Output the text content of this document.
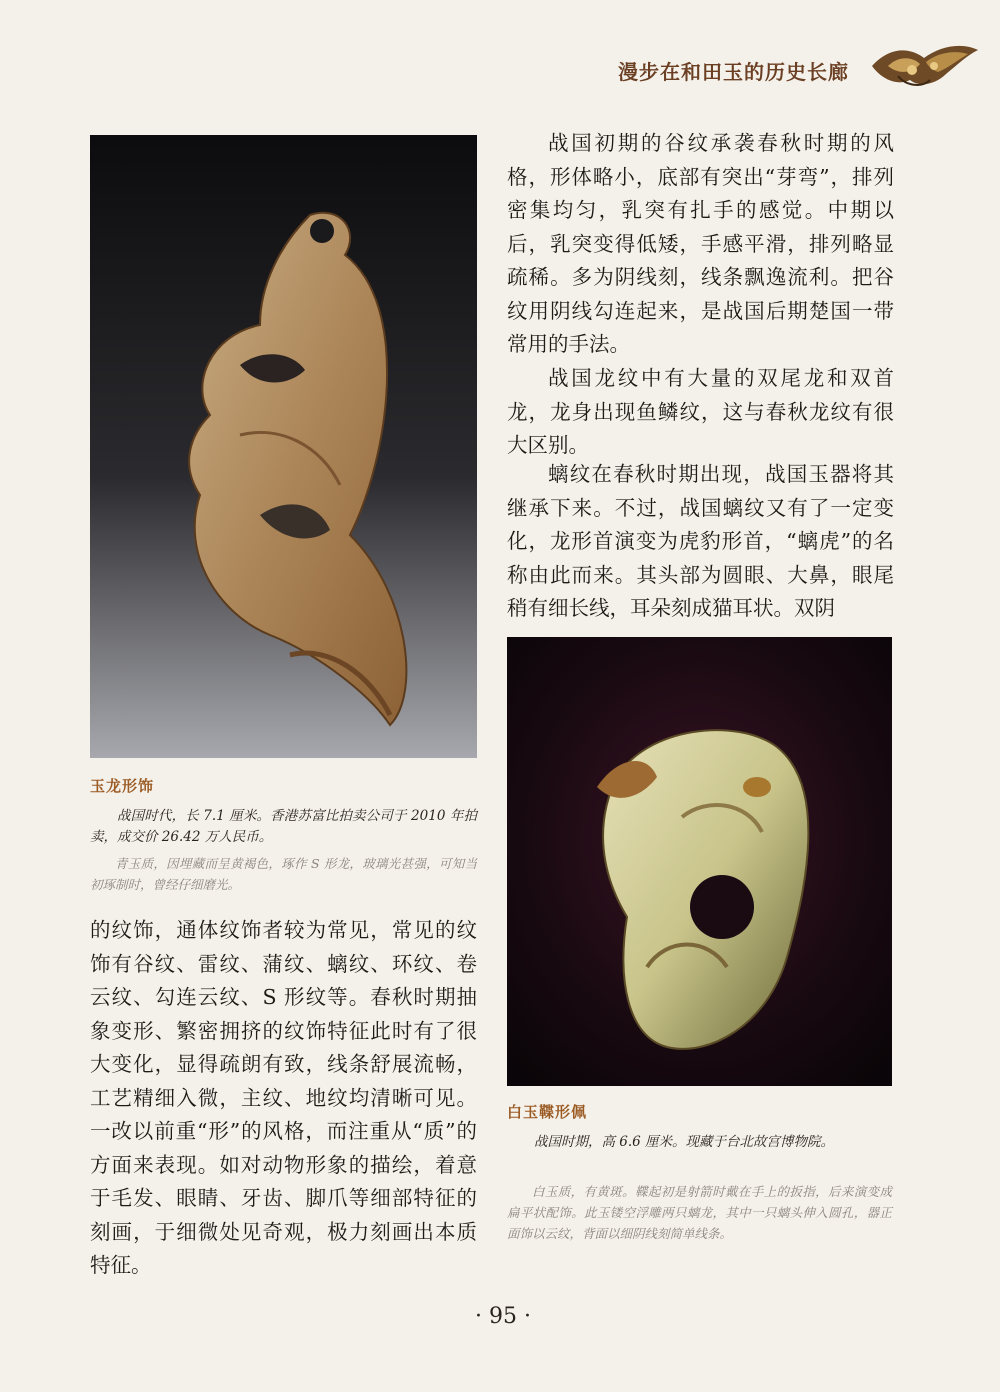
漫步在和田玉的历史长廊

战国初期的谷纹承袭春秋时期的风格，形体略小，底部有突出“芽弯”，排列密集均匀，乳突有扎手的感觉。中期以后，乳突变得低矮，手感平滑，排列略显疏稀。多为阴线刻，线条飘逸流利。把谷纹用阴线勾连起来，是战国后期楚国一带常用的手法。

战国龙纹中有大量的双尾龙和双首龙，龙身出现鱼鳞纹，这与春秋龙纹有很大区别。

螭纹在春秋时期出现，战国玉器将其继承下来。不过，战国螭纹又有了一定变化，龙形首演变为虎豹形首，“螭虎”的名称由此而来。其头部为圆眼、大鼻，眼尾稍有细长线，耳朵刻成猫耳状。双阴

玉龙形饰

战国时代，长 7.1 厘米。香港苏富比拍卖公司于 2010 年拍卖，成交价 26.42 万人民币。

青玉质，因埋藏而呈黄褐色，琢作 S 形龙，玻璃光甚强，可知当初琢制时，曾经仔细磨光。

的纹饰，通体纹饰者较为常见，常见的纹饰有谷纹、雷纹、蒲纹、螭纹、环纹、卷云纹、勾连云纹、S 形纹等。春秋时期抽象变形、繁密拥挤的纹饰特征此时有了很大变化，显得疏朗有致，线条舒展流畅，工艺精细入微，主纹、地纹均清晰可见。一改以前重“形”的风格，而注重从“质”的方面来表现。如对动物形象的描绘，着意于毛发、眼睛、牙齿、脚爪等细部特征的刻画，于细微处见奇观，极力刻画出本质特征。

白玉鞢形佩

战国时期，高 6.6 厘米。现藏于台北故宫博物院。

白玉质，有黄斑。鞢起初是射箭时戴在手上的扳指，后来演变成扁平状配饰。此玉镂空浮雕两只螭龙，其中一只螭头伸入圆孔，器正面饰以云纹，背面以细阴线刻简单线条。

· 95 ·
